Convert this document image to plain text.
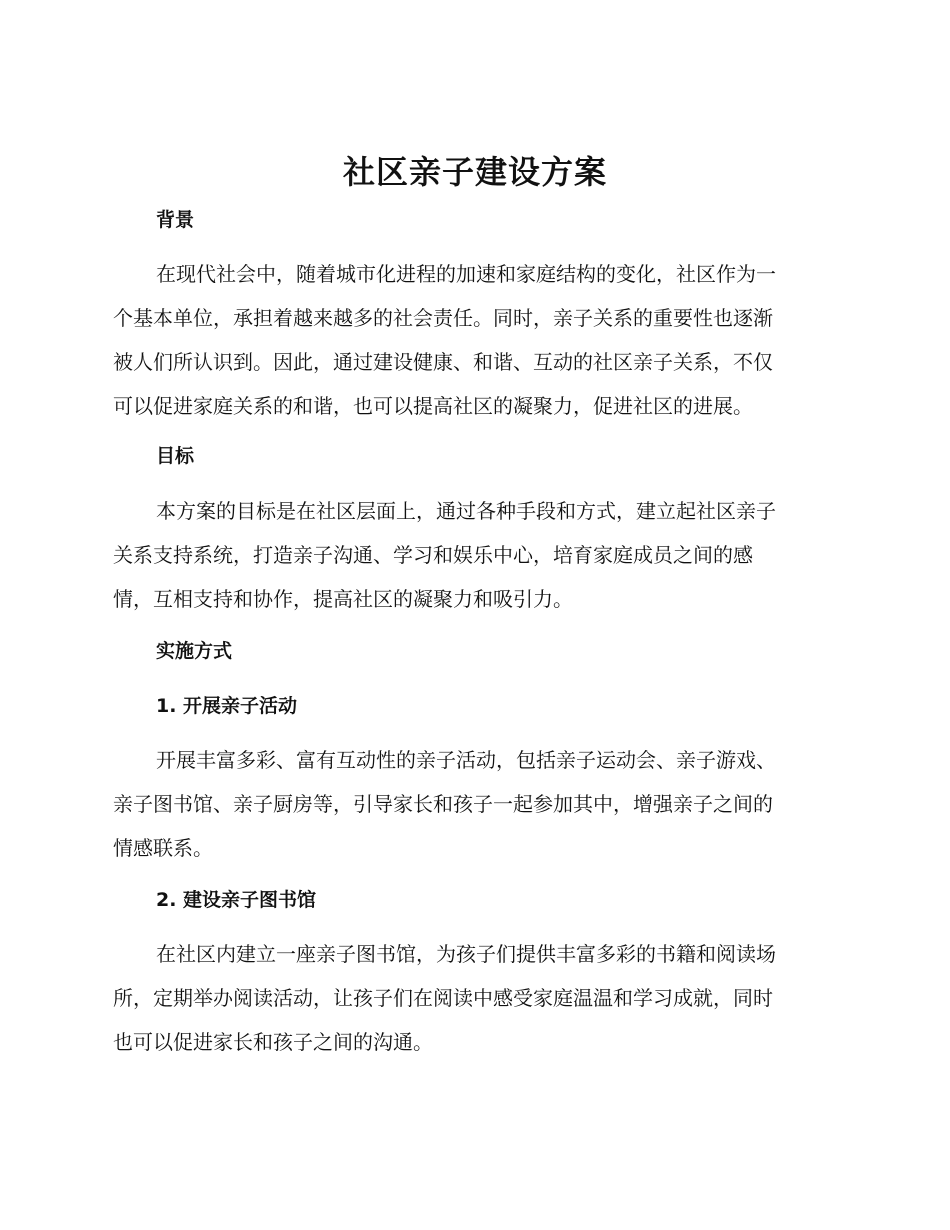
社区亲子建设方案
背景
在现代社会中，随着城市化进程的加速和家庭结构的变化，社区作为一
个基本单位，承担着越来越多的社会责任。同时，亲子关系的重要性也逐渐
被人们所认识到。因此，通过建设健康、和谐、互动的社区亲子关系，不仅
可以促进家庭关系的和谐，也可以提高社区的凝聚力，促进社区的进展。
目标
本方案的目标是在社区层面上，通过各种手段和方式，建立起社区亲子
关系支持系统，打造亲子沟通、学习和娱乐中心，培育家庭成员之间的感
情，互相支持和协作，提高社区的凝聚力和吸引力。
实施方式
1. 开展亲子活动
开展丰富多彩、富有互动性的亲子活动，包括亲子运动会、亲子游戏、
亲子图书馆、亲子厨房等，引导家长和孩子一起参加其中，增强亲子之间的
情感联系。
2. 建设亲子图书馆
在社区内建立一座亲子图书馆，为孩子们提供丰富多彩的书籍和阅读场
所，定期举办阅读活动，让孩子们在阅读中感受家庭温温和学习成就，同时
也可以促进家长和孩子之间的沟通。
